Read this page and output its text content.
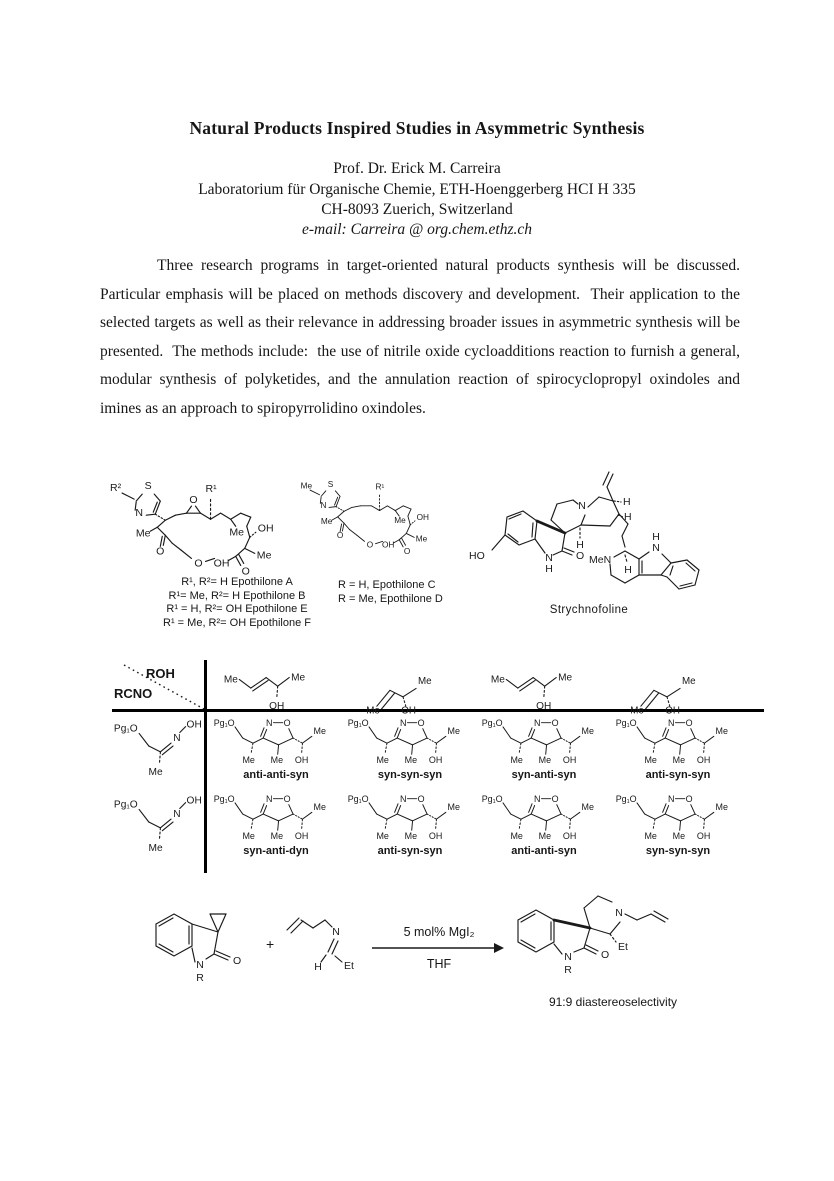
Natural Products Inspired Studies in Asymmetric Synthesis
Prof. Dr. Erick M. Carreira
Laboratorium für Organische Chemie, ETH-Hoenggerberg HCI H 335
CH-8093 Zuerich, Switzerland
e-mail: Carreira @ org.chem.ethz.ch

Three research programs in target-oriented natural products synthesis will be discussed.  Particular emphasis will be placed on methods discovery and development.  Their application to the selected targets as well as their relevance in addressing broader issues in asymmetric synthesis will be presented.  The methods include:  the use of nitrile oxide cycloadditions reaction to furnish a general, modular synthesis of polyketides, and the annulation reaction of spirocyclopropyl oxindoles and imines as an approach to spiropyrrolidino oxindoles.

R² S
N
Me
O
O OH
O
Me
OH
O
R¹
Me
Me S
N
Me
O
O OH
O
Me
OH
R¹
Me
R¹, R²= H Epothilone A
R¹= Me, R²= H Epothilone B
R¹ = H, R²= OH Epothilone E
R¹ = Me, R²= OH Epothilone F
R = H, Epothilone C
R = Me, Epothilone D
HO	N
H
O
N
H
H
H
MeN
H
H
N
Strychnofoline
ROH
RCNO
Me	Me
OH	Me OH
Me	Me	Me
OH	Me OH
Me
Pg₁O
N
OH
Me
Pg₁O
N
OH
Me
Pg₁O
Me
N O
Me OH
Me
anti-anti-syn
Pg₁O
Me
N O
Me OH
Me
syn-syn-syn
Pg₁O
Me
N O
Me OH
Me
syn-anti-syn
Pg₁O
Me
N O
Me OH
Me
anti-syn-syn
Pg₁O
Me
N O
Me OH
Me
syn-anti-dyn
Pg₁O
Me
N O
Me OH
Me
anti-syn-syn
Pg₁O
Me
N O
Me OH
Me
anti-anti-syn
Pg₁O
Me
N O
Me OH
Me
syn-syn-syn
N
R
O
+
N
H Et
5 mol% MgI₂
THF	N
R
O
N
Et
91:9 diastereoselectivity
